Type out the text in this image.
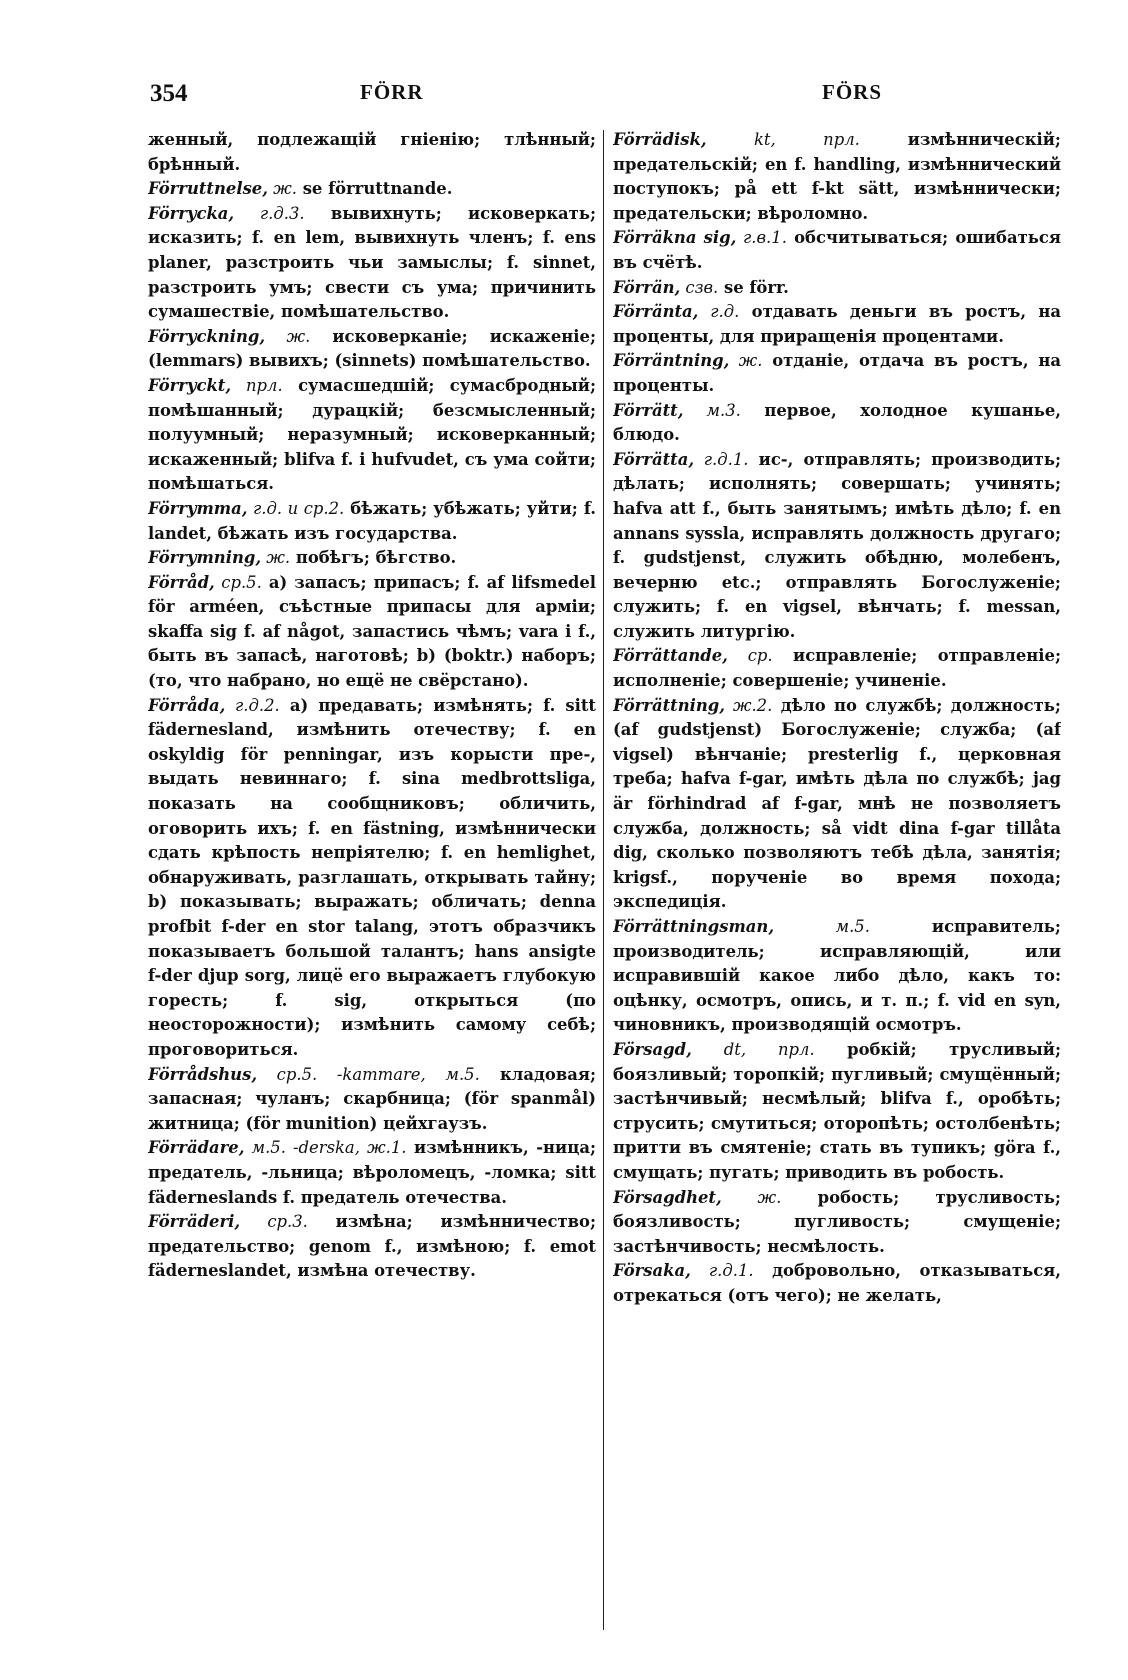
354	FÖRR	FÖRS
женный, подлежащій гніенію; тлѣнный; брѣнный.
Förruttnelse, ж. se förruttnande.
Förrycka, г.д.3. вывихнуть; исковеркать; исказить; f. en lem, вывихнуть членъ; f. ens planer, разстроить чьи замыслы; f. sinnet, разстроить умъ; свести съ ума; причинить сумашествіе, помѣшательство.
Förryckning, ж. исковерканіе; искаженіе; (lemmars) вывихъ; (sinnets) помѣшательство.
Förryckt, прл. сумасшедшій; сумасбродный; помѣшанный; дурацкій; безсмысленный; полуумный; неразумный; исковерканный; искаженный; blifva f. i hufvudet, съ ума сойти; помѣшаться.
Förrymma, г.д. и ср.2. бѣжать; убѣжать; уйти; f. landet, бѣжать изъ государства.
Förrymning, ж. побѣгъ; бѣгство.
Förråd, ср.5. a) запасъ; припасъ; f. af lifsmedel för arméen, съѣстные припасы для арміи; skaffa sig f. af något, запастись чѣмъ; vara i f., быть въ запасѣ, наготовѣ; b) (boktr.) наборъ; (то, что набрано, но ещё не свёрстано).
Förråda, г.д.2. a) предавать; измѣнять; f. sitt fädernesland, измѣнить отечеству; f. en oskyldig för penningar, изъ корысти пре-, выдать невиннаго; f. sina medbrottsliga, показать на сообщниковъ; обличить, оговорить ихъ; f. en fästning, измѣннически сдать крѣпость непріятелю; f. en hemlighet, обнаруживать, разглашать, открывать тайну; b) показывать; выражать; обличать; denna profbit f-der en stor talang, этотъ образчикъ показываетъ большой талантъ; hans ansigte f-der djup sorg, лицё его выражаетъ глубокую горесть; f. sig, открыться (по неосторожности); измѣнить самому себѣ; проговориться.
Förrådshus, ср.5. -kammare, м.5. кладовая; запасная; чуланъ; скарбница; (för spanmål) житница; (för munition) цейхгаузъ.
Förrädare, м.5. -derska, ж.1. измѣнникъ, -ница; предатель, -льница; вѣроломецъ, -ломка; sitt fäderneslands f. предатель отечества.
Förräderi, ср.3. измѣна; измѣнничество; предательство; genom f., измѣною; f. emot fäderneslandet, измѣна отечеству.
Förrädisk, kt, прл. измѣнническій; предательскій; en f. handling, измѣннический поступокъ; på ett f-kt sätt, измѣннически; предательски; вѣроломно.
Förräkna sig, г.в.1. обсчитываться; ошибаться въ счётѣ.
Förrän, сзв. se förr.
Förränta, г.д. отдавать деньги въ ростъ, на проценты, для приращенія процентами.
Förräntning, ж. отданіе, отдача въ ростъ, на проценты.
Förrätt, м.3. первое, холодное кушанье, блюдо.
Förrätta, г.д.1. ис-, отправлять; производить; дѣлать; исполнять; совершать; учинять; hafva att f., быть занятымъ; имѣть дѣло; f. en annans syssla, исправлять должность другаго; f. gudstjenst, служить обѣдню, молебенъ, вечерню etc.; отправлять Богослуженіе; служить; f. en vigsel, вѣнчать; f. messan, служить литургію.
Förrättande, ср. исправленіе; отправленіе; исполненіе; совершеніе; учиненіе.
Förrättning, ж.2. дѣло по службѣ; должность; (af gudstjenst) Богослуженіе; служба; (af vigsel) вѣнчаніе; presterlig f., церковная треба; hafva f-gar, имѣть дѣла по службѣ; jag är förhindrad af f-gar, мнѣ не позволяетъ служба, должность; så vidt dina f-gar tillåta dig, сколько позволяютъ тебѣ дѣла, занятія; krigsf., порученіе во время похода; экспедиція.
Förrättningsman, м.5. исправитель; производитель; исправляющій, или исправившій какое либо дѣло, какъ то: оцѣнку, осмотръ, опись, и т. п.; f. vid en syn, чиновникъ, производящій осмотръ.
Försagd, dt, прл. робкій; трусливый; боязливый; торопкій; пугливый; смущённый; застѣнчивый; несмѣлый; blifva f., оробѣть; струсить; смутиться; оторопѣть; остолбенѣть; притти въ смятеніе; стать въ тупикъ; göra f., смущать; пугать; приводить въ робость.
Försagdhet, ж. робость; трусливость; боязливость; пугливость; смущеніе; застѣнчивость; несмѣлость.
Försaka, г.д.1. добровольно, отказываться, отрекаться (отъ чего); не желать,
